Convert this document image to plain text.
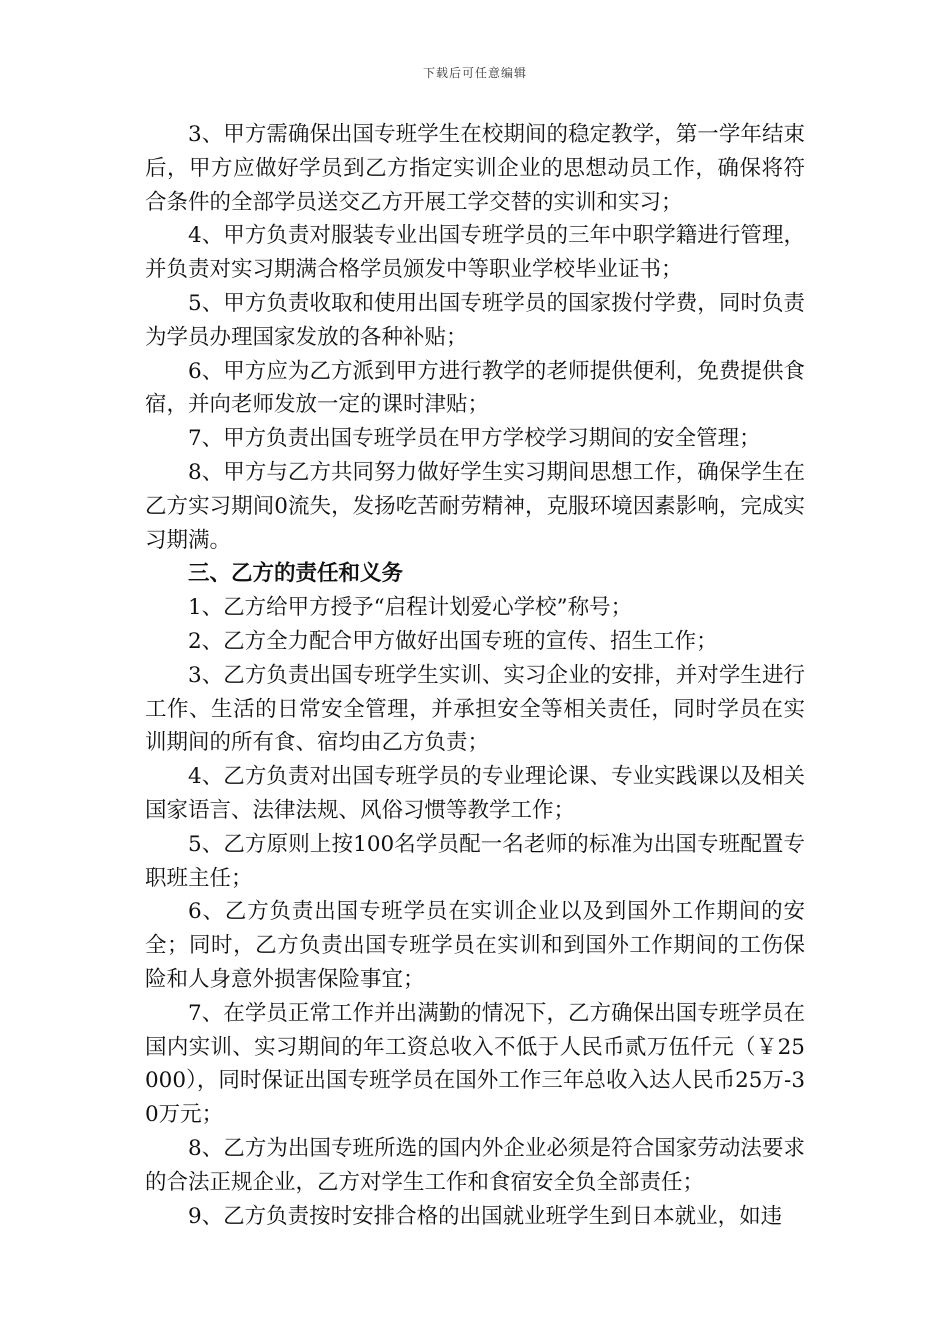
下载后可任意编辑

3、甲方需确保出国专班学生在校期间的稳定教学，第一学年结束后，甲方应做好学员到乙方指定实训企业的思想动员工作，确保将符合条件的全部学员送交乙方开展工学交替的实训和实习；

4、甲方负责对服装专业出国专班学员的三年中职学籍进行管理，并负责对实习期满合格学员颁发中等职业学校毕业证书；

5、甲方负责收取和使用出国专班学员的国家拨付学费，同时负责为学员办理国家发放的各种补贴；

6、甲方应为乙方派到甲方进行教学的老师提供便利，免费提供食宿，并向老师发放一定的课时津贴；

7、甲方负责出国专班学员在甲方学校学习期间的安全管理；

8、甲方与乙方共同努力做好学生实习期间思想工作，确保学生在乙方实习期间0流失，发扬吃苦耐劳精神，克服环境因素影响，完成实习期满。

三、乙方的责任和义务

1、乙方给甲方授予“启程计划爱心学校”称号；

2、乙方全力配合甲方做好出国专班的宣传、招生工作；

3、乙方负责出国专班学生实训、实习企业的安排，并对学生进行工作、生活的日常安全管理，并承担安全等相关责任，同时学员在实训期间的所有食、宿均由乙方负责；

4、乙方负责对出国专班学员的专业理论课、专业实践课以及相关国家语言、法律法规、风俗习惯等教学工作；

5、乙方原则上按100名学员配一名老师的标准为出国专班配置专职班主任；

6、乙方负责出国专班学员在实训企业以及到国外工作期间的安全；同时，乙方负责出国专班学员在实训和到国外工作期间的工伤保险和人身意外损害保险事宜；

7、在学员正常工作并出满勤的情况下，乙方确保出国专班学员在国内实训、实习期间的年工资总收入不低于人民币贰万伍仟元（￥25000），同时保证出国专班学员在国外工作三年总收入达人民币25万-30万元；

8、乙方为出国专班所选的国内外企业必须是符合国家劳动法要求的合法正规企业，乙方对学生工作和食宿安全负全部责任；

9、乙方负责按时安排合格的出国就业班学生到日本就业，如违
